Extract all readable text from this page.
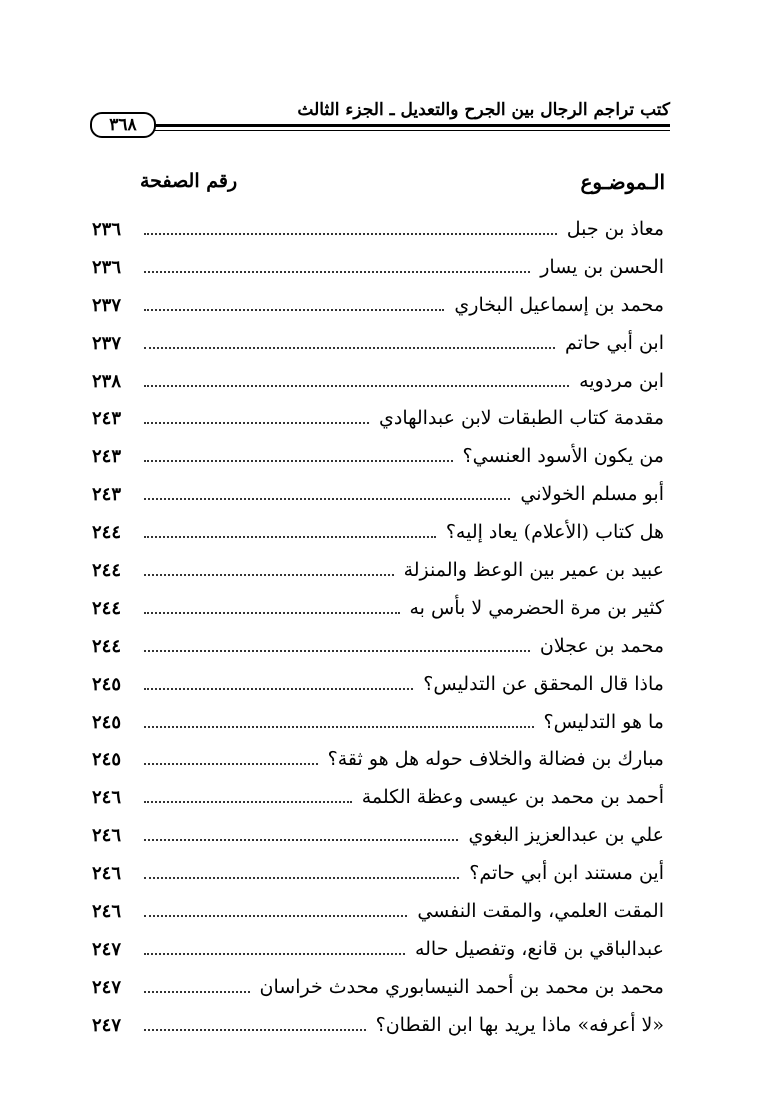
كتب تراجم الرجال بين الجرح والتعديل ـ الجزء الثالث
٣٦٨
الـموضـوع
رقم الصفحة
معاذ بن جبل
٢٣٦
الحسن بن يسار
٢٣٦
محمد بن إسماعيل البخاري
٢٣٧
ابن أبي حاتم
٢٣٧
ابن مردويه
٢٣٨
مقدمة كتاب الطبقات لابن عبدالهادي
٢٤٣
من يكون الأسود العنسي؟
٢٤٣
أبو مسلم الخولاني
٢٤٣
هل كتاب (الأعلام) يعاد إليه؟
٢٤٤
عبيد بن عمير بين الوعظ والمنزلة
٢٤٤
كثير بن مرة الحضرمي لا بأس به
٢٤٤
محمد بن عجلان
٢٤٤
ماذا قال المحقق عن التدليس؟
٢٤٥
ما هو التدليس؟
٢٤٥
مبارك بن فضالة والخلاف حوله هل هو ثقة؟
٢٤٥
أحمد بن محمد بن عيسى وعظة الكلمة
٢٤٦
علي بن عبدالعزيز البغوي
٢٤٦
أين مستند ابن أبي حاتم؟
٢٤٦
المقت العلمي، والمقت النفسي
٢٤٦
عبدالباقي بن قانع، وتفصيل حاله
٢٤٧
محمد بن محمد بن أحمد النيسابوري محدث خراسان
٢٤٧
«لا أعرفه» ماذا يريد بها ابن القطان؟
٢٤٧
